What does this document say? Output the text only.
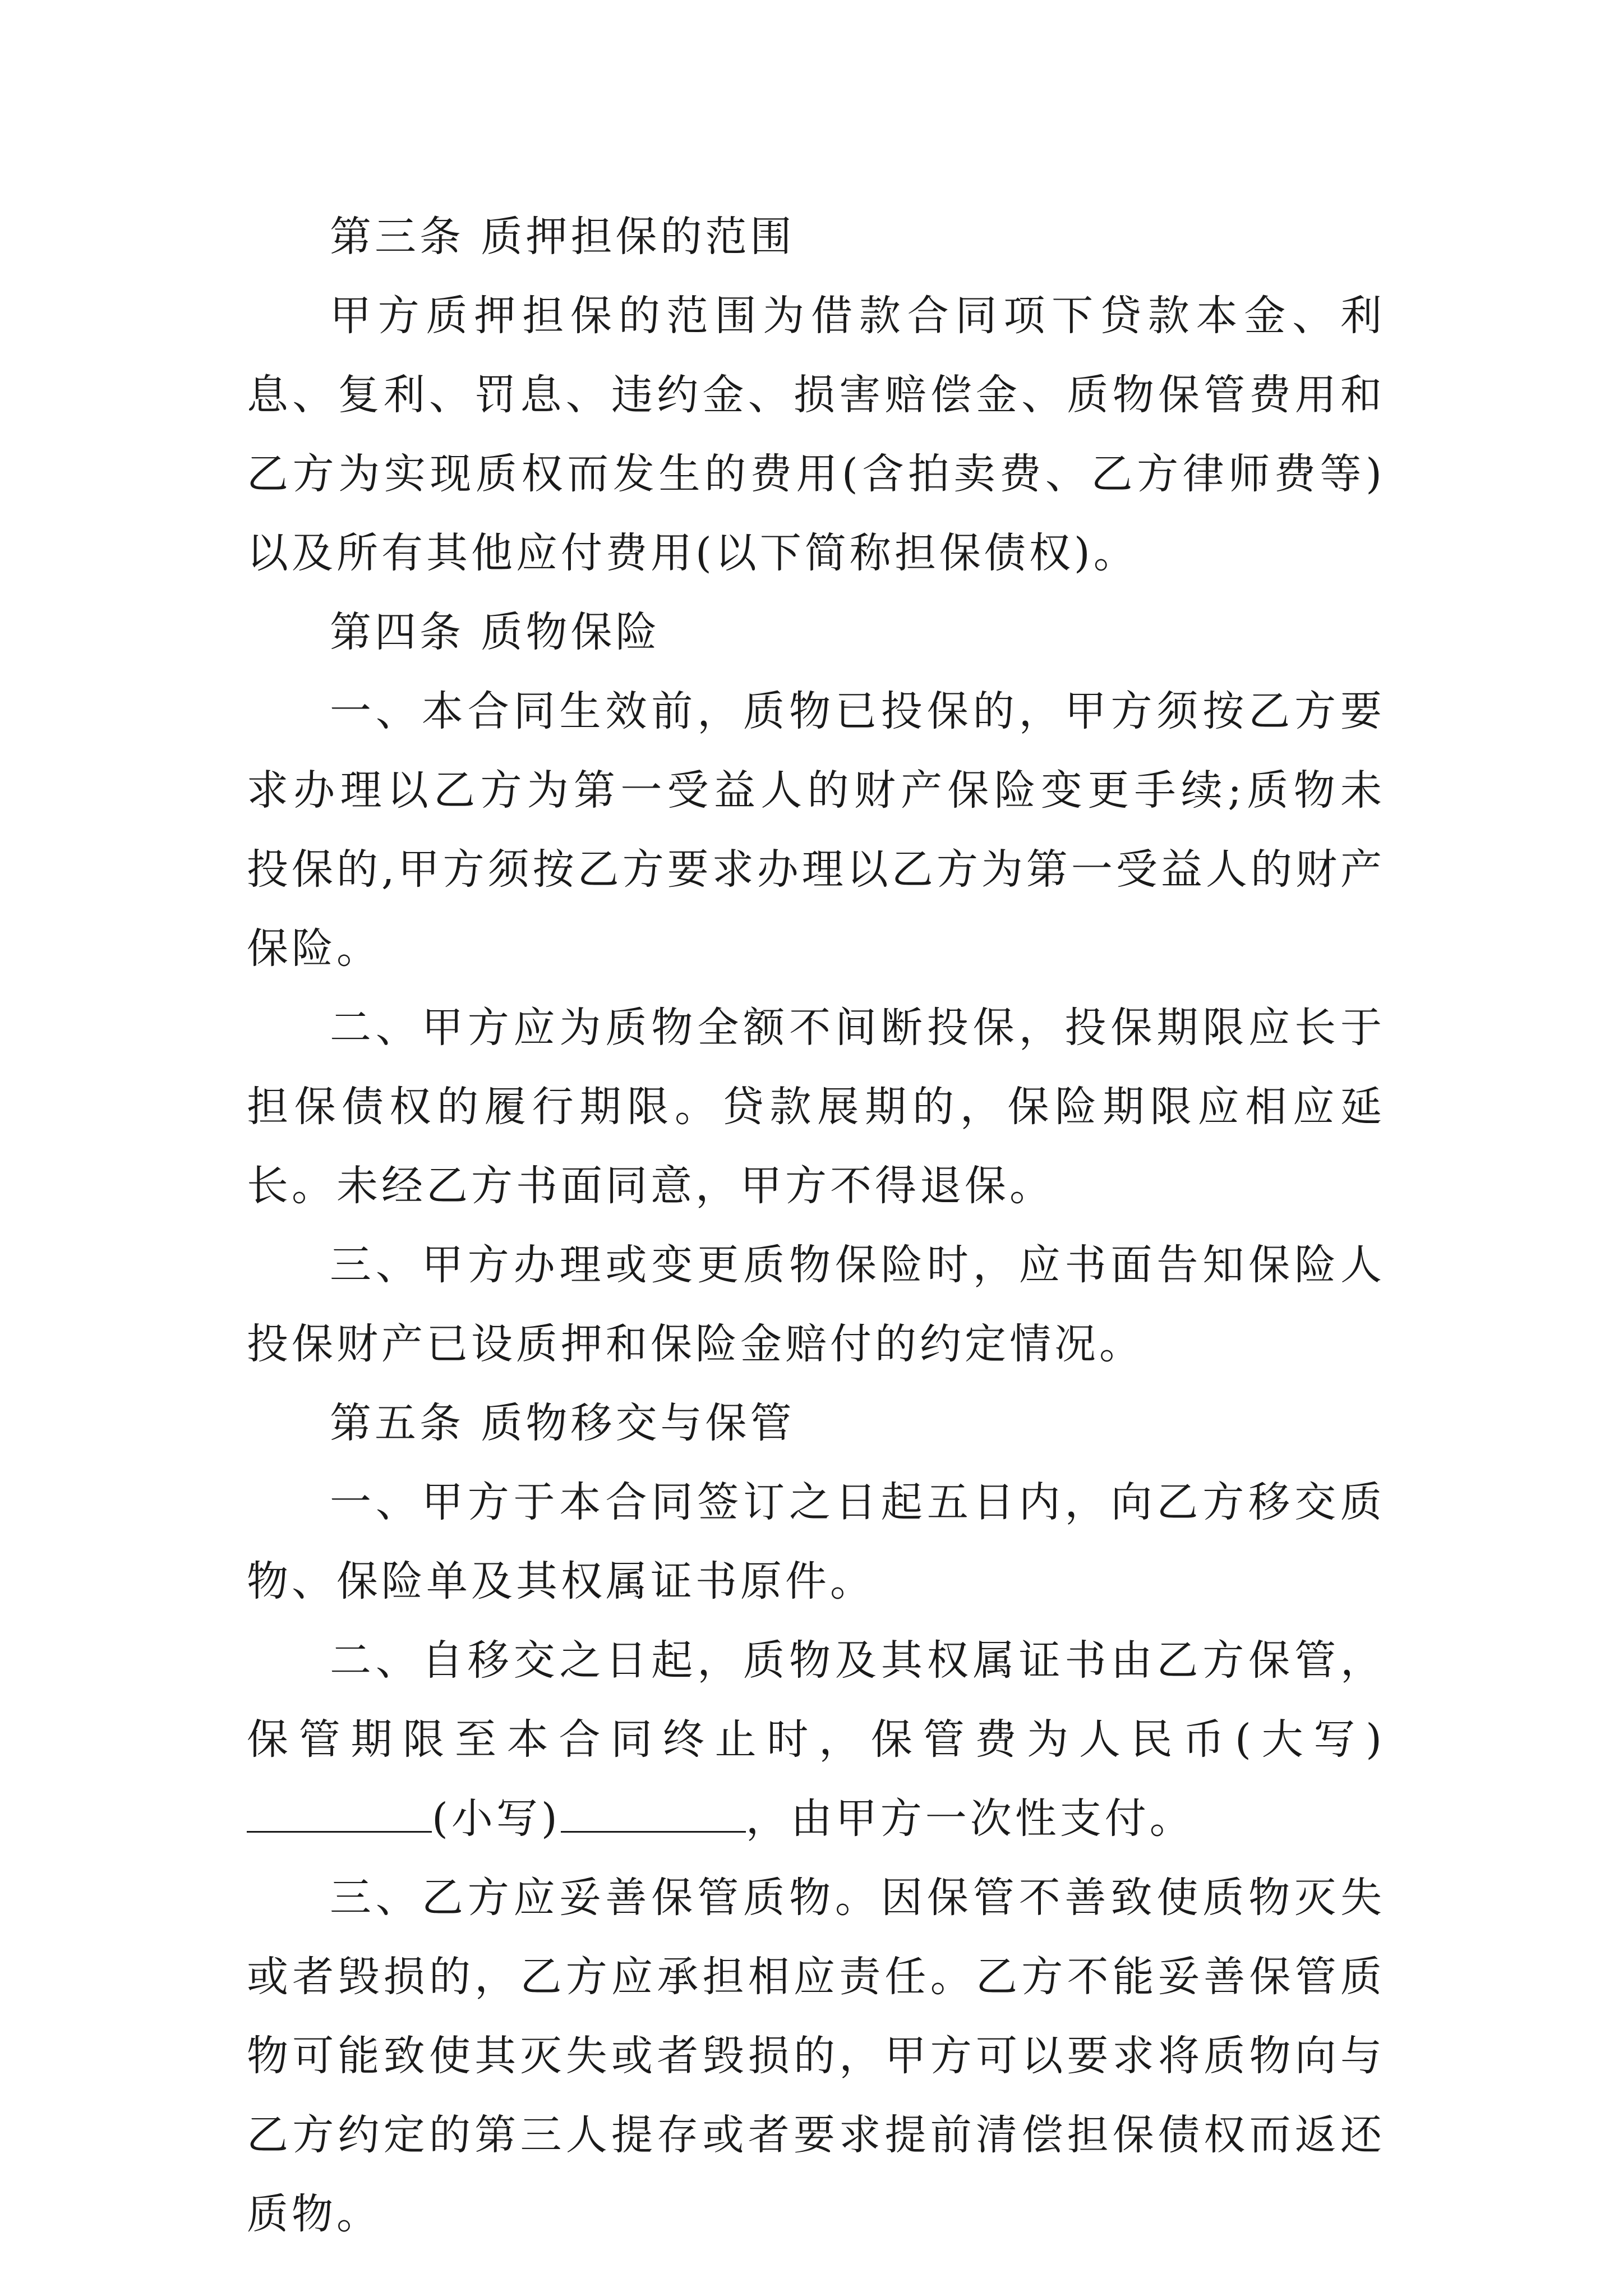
第三条 质押担保的范围

甲方质押担保的范围为借款合同项下贷款本金、利息、复利、罚息、违约金、损害赔偿金、质物保管费用和乙方为实现质权而发生的费用(含拍卖费、乙方律师费等)以及所有其他应付费用(以下简称担保债权)。

第四条 质物保险

一、本合同生效前，质物已投保的，甲方须按乙方要求办理以乙方为第一受益人的财产保险变更手续;质物未投保的,甲方须按乙方要求办理以乙方为第一受益人的财产保险。

二、甲方应为质物全额不间断投保，投保期限应长于担保债权的履行期限。贷款展期的，保险期限应相应延长。未经乙方书面同意，甲方不得退保。

三、甲方办理或变更质物保险时，应书面告知保险人投保财产已设质押和保险金赔付的约定情况。

第五条 质物移交与保管

一、甲方于本合同签订之日起五日内，向乙方移交质物、保险单及其权属证书原件。

二、自移交之日起，质物及其权属证书由乙方保管，保管期限至本合同终止时，保管费为人民币(大写)(小写)	，由甲方一次性支付。

三、乙方应妥善保管质物。因保管不善致使质物灭失或者毁损的，乙方应承担相应责任。乙方不能妥善保管质物可能致使其灭失或者毁损的，甲方可以要求将质物向与乙方约定的第三人提存或者要求提前清偿担保债权而返还质物。
